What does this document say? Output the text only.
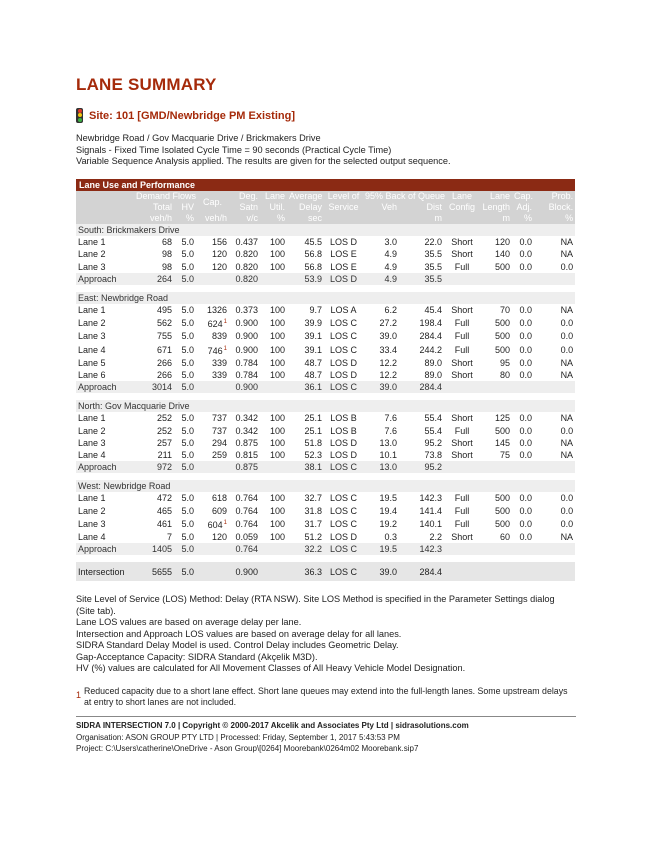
LANE SUMMARY
Site: 101 [GMD/Newbridge PM Existing]
Newbridge Road / Gov Macquarie Drive / Brickmakers Drive
Signals - Fixed Time Isolated Cycle Time = 90 seconds (Practical Cycle Time)
Variable Sequence Analysis applied. The results are given for the selected output sequence.
Lane Use and Performance													
	Demand Flows		Cap.	Deg.	Lane	Average	Level of	95% Back of Queue		Lane	Lane	Cap.	Prob.
	Total	HV		Satn	Util.	Delay	Service	Veh	Dist	Config	Length	Adj.	Block.
	veh/h	%	veh/h	v/c	%	sec			m		m	%	%
South: Brickmakers Drive													
Lane 1	68	5.0	156	0.437	100	45.5	LOS D	3.0	22.0	Short	120	0.0	NA
Lane 2	98	5.0	120	0.820	100	56.8	LOS E	4.9	35.5	Short	140	0.0	NA
Lane 3	98	5.0	120	0.820	100	56.8	LOS E	4.9	35.5	Full	500	0.0	0.0
Approach	264	5.0		0.820		53.9	LOS D	4.9	35.5				

East: Newbridge Road													
Lane 1	495	5.0	1326	0.373	100	9.7	LOS A	6.2	45.4	Short	70	0.0	NA
Lane 2	562	5.0	$624^1$	0.900	100	39.9	LOS C	27.2	198.4	Full	500	0.0	0.0
Lane 3	755	5.0	839	0.900	100	39.1	LOS C	39.0	284.4	Full	500	0.0	0.0
Lane 4	671	5.0	$746^1$	0.900	100	39.1	LOS C	33.4	244.2	Full	500	0.0	0.0
Lane 5	266	5.0	339	0.784	100	48.7	LOS D	12.2	89.0	Short	95	0.0	NA
Lane 6	266	5.0	339	0.784	100	48.7	LOS D	12.2	89.0	Short	80	0.0	NA
Approach	3014	5.0		0.900		36.1	LOS C	39.0	284.4				

North: Gov Macquarie Drive													
Lane 1	252	5.0	737	0.342	100	25.1	LOS B	7.6	55.4	Short	125	0.0	NA
Lane 2	252	5.0	737	0.342	100	25.1	LOS B	7.6	55.4	Full	500	0.0	0.0
Lane 3	257	5.0	294	0.875	100	51.8	LOS D	13.0	95.2	Short	145	0.0	NA
Lane 4	211	5.0	259	0.815	100	52.3	LOS D	10.1	73.8	Short	75	0.0	NA
Approach	972	5.0		0.875		38.1	LOS C	13.0	95.2				

West: Newbridge Road													
Lane 1	472	5.0	618	0.764	100	32.7	LOS C	19.5	142.3	Full	500	0.0	0.0
Lane 2	465	5.0	609	0.764	100	31.8	LOS C	19.4	141.4	Full	500	0.0	0.0
Lane 3	461	5.0	$604^1$	0.764	100	31.7	LOS C	19.2	140.1	Full	500	0.0	0.0
Lane 4	7	5.0	120	0.059	100	51.2	LOS D	0.3	2.2	Short	60	0.0	NA
Approach	1405	5.0		0.764		32.2	LOS C	19.5	142.3				

Intersection	5655	5.0		0.900		36.3	LOS C	39.0	284.4				

Site Level of Service (LOS) Method: Delay (RTA NSW). Site LOS Method is specified in the Parameter Settings dialog (Site tab).

Lane LOS values are based on average delay per lane.

Intersection and Approach LOS values are based on average delay for all lanes.

SIDRA Standard Delay Model is used. Control Delay includes Geometric Delay.

Gap-Acceptance Capacity: SIDRA Standard (Akçelik M3D).

HV (%) values are calculated for All Movement Classes of All Heavy Vehicle Model Designation.

1 Reduced capacity due to a short lane effect. Short lane queues may extend into the full-length lanes. Some upstream delays at entry to short lanes are not included.
SIDRA INTERSECTION 7.0 | Copyright © 2000-2017 Akcelik and Associates Pty Ltd | sidrasolutions.com
Organisation: ASON GROUP PTY LTD | Processed: Friday, September 1, 2017 5:43:53 PM
Project: C:\Users\catherine\OneDrive - Ason Group\[0264] Moorebank\0264m02 Moorebank.sip7
